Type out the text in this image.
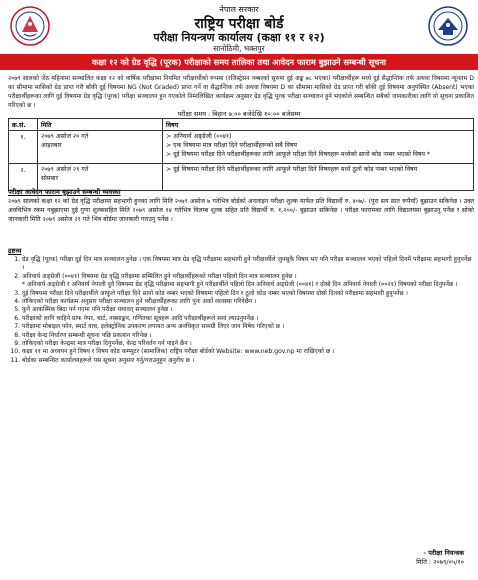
नेपाल सरकार
राष्ट्रिय परीक्षा बोर्ड
परीक्षा नियन्त्रण कार्यालय (कक्षा ११ र १२)
सानोठिमी, भक्तपुर
कक्षा १२ को ग्रेड वृद्धि (पूरक) परीक्षाको समय तालिका तथा आवेदन फाराम बुझाउने सम्बन्धी सूचना
२०७९ सालको जेठ महिनामा सञ्चालित कक्षा १२ को वार्षिक परीक्षामा नियमित परीक्षार्थीको रूपमा (रजिस्ट्रेसन नम्बरको सुरुमा दुई अङ्क ७८ भएका) परीक्षार्थीहरू मध्ये दुई सैद्धान्तिक तर्फ अथवा विषयमा न्यूनतम D का सीमामा मासिको ग्रेड प्राप्त गरी बाँकी दुई विषयमा NG (Not Graded) प्राप्त गर्ने वा सैद्धान्तिक तर्फ अथवा विषयमा D का सीमामा मासिको ग्रेड प्राप्त गरी बाँकी दुई विषयमा अनुपस्थित (Absent) भएका परीक्षार्थीहरूका लागि दुई विषयमा ग्रेड वृद्धि (पूरक) परीक्षा सञ्चालन हुन गएकोले निम्नलिखित कार्यक्रम अनुसार ग्रेड वृद्धि पूरक परीक्षा सञ्चालन हुने भएकोले सम्बन्धित सबैको जानकारीका लागि यो सूचना प्रकाशित गरिएको छ ।
परीक्षा समय : बिहान ७:०० बजेदेखि १०:०० बजेसम्म
क्र.सं.	मिति	विषय
१.	२०७९ असोज २० गते
आइतबार	> अनिवार्य अङ्ग्रेजी (००४१)
> एक विषयमा मात्र परीक्षा दिने परीक्षार्थीहरूको सबै विषय
> दुई विषयमा परीक्षा दिने परीक्षार्थीहरूका लागि आफूले परीक्षा दिने विषयहरू मध्येको सानो कोड नम्बर भएको विषय *

२.	२०७९ असोज २१ गते
सोमबार	> दुई विषयमा परीक्षा दिने परीक्षार्थीहरूका लागि आफूले परीक्षा दिने विषयहरू मध्ये ठूलो कोड नम्बर भएको विषय
परीक्षा आवेदन फाराम बुझाउने सम्बन्धी व्यवस्था
२०७९ सालको कक्षा १२ को ग्रेड वृद्धि परीक्षामा सहभागी हुनका लागि मिति २०७९ असोज ७ गतेभित्र बोर्डको अनलाइन परीक्षा शुल्क मार्फत प्रति विद्यार्थी रु. ४०७/- (पुरा सय सात रूपैयाँ) बुझाउन सकिनेछ । उक्त अवधिभित्र रकम नबुझाएमा दुई गुणा शुल्कसहित मिति २०७९ असोज १४ गतेभित्र विलम्ब शुल्क सहित प्रति विद्यार्थी रु. १,२००/- बुझाउन सकिनेछ । परीक्षा फारामका लागि विद्यालयमा बुझाउनु पर्नेछ र सोको जानकारी मिति २०७९ असोज २१ गते भित्र बोर्डमा जानकारी गराउनु पर्नेछ ।
द्रष्टव्य
1. ग्रेड वृद्धि (पूरक) परीक्षा दुई दिन मात्र सञ्चालन हुनेछ । एक विषयमा मात्र ग्रेड वृद्धि परीक्षामा सहभागी हुने परीक्षार्थीले जुनसुकै विषय भए पनि परीक्षा सञ्चालन भएको पहिलो दिनमै परीक्षामा सहभागी हुनुपर्नेछ ।
2. अनिवार्य अङ्ग्रेजी (००४१) विषयमा ग्रेड वृद्धि परीक्षामा सम्मिलित हुने परीक्षार्थीहरूको परीक्षा पहिलो दिन मात्र सञ्चालन हुनेछ ।
* अनिवार्य अङ्ग्रेजी र अनिवार्य नेपाली दुवै विषयमा ग्रेड वृद्धि परीक्षामा सहभागी हुने परीक्षार्थीले पहिलो दिन अनिवार्य अङ्ग्रेजी (००४१) र दोस्रो दिन अनिवार्य नेपाली (००२१) विषयको परीक्षा दिनुपर्नेछ ।
3. दुई विषयमा परीक्षा दिने परीक्षार्थीले आफूले परीक्षा दिने सानो कोड नम्बर भएको विषयमा पहिलो दिन र ठूलो कोड नम्बर भएको विषयमा दोस्रो दिनको परीक्षामा सहभागी हुनुपर्नेछ ।
4. तोकिएको परीक्षा कार्यक्रम अनुसार परीक्षा सञ्चालन हुने परीक्षार्थीहरूका लागि पुनः अर्को व्यवस्था गरिनेछैन ।
5. कुनै आकस्मिक बिदा पर्न गएमा पनि परीक्षा यथावत् सञ्चालन हुनेछ ।
6. परीक्षाको लागि चाहिने ग्राफ पेपर, चार्ट, नक्साङ्कन, गणितका सूत्रहरू आदि परीक्षार्थीहरूले स्वयं ल्याउनुपर्नेछ ।
7. परीक्षामा मोबाइल फोन, स्मार्ट वाच, इलेक्ट्रोनिक उपकरण लगायत अन्य अनधिकृत सामग्री लिएर जान निषेध गरिएको छ ।
8. परीक्षा केन्द्र निर्धारण सम्बन्धी सूचना पछि प्रकाशन गरिनेछ ।
9. तोकिएको परीक्षा केन्द्रमा मात्र परीक्षा दिनुपर्नेछ, केन्द्र परिवर्तन गर्न पाइने छैन ।
10. कक्षा ११ मा अध्ययन हुने विषय र विषय कोड कम्प्युटर (सामाजिक) राष्ट्रिय परीक्षा बोर्डको Website: www.neb.gov.np मा राखिएको छ ।
11. बोर्डका सम्बन्धित कार्यालयहरूले यस सूचना अनुसार गर्नु/गराउनुहुन अनुरोध छ ।
- परीक्षा नियन्त्रक
मिति : २०७९/०५/१०
